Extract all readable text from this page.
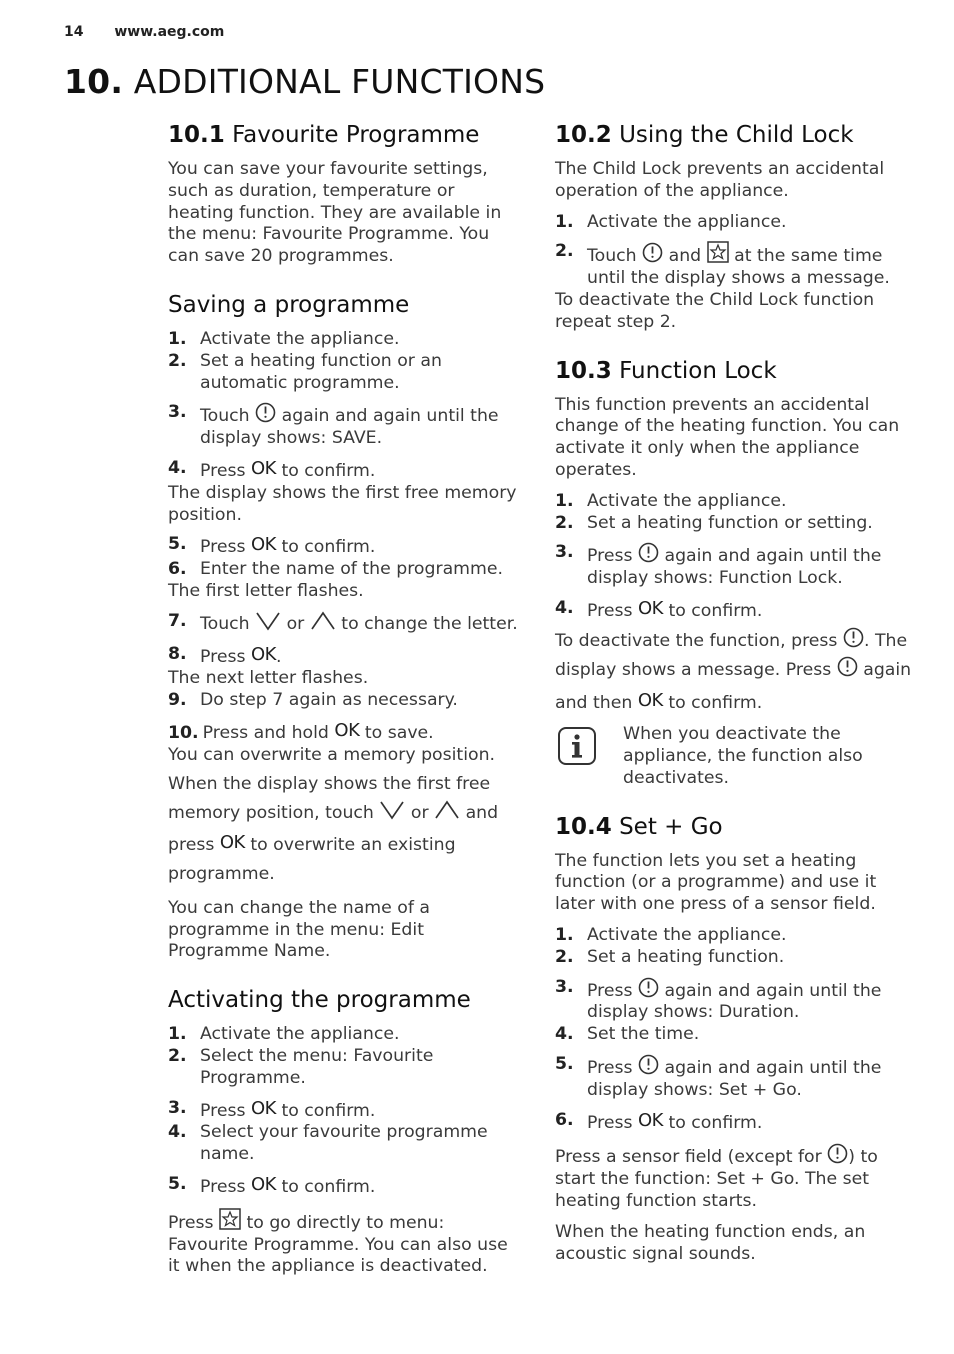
14 www.aeg.com
10. ADDITIONAL FUNCTIONS
10.1 Favourite Programme

You can save your favourite settings, such as duration, temperature or heating function. They are available in the menu: Favourite Programme. You can save 20 programmes.

Saving a programme
1. Activate the appliance.
2. Set a heating function or an automatic programme.
3. Touch again and again until the display shows: SAVE.
4. Press OK to confirm.

The display shows the first free memory position.

5. Press OK to confirm.
6. Enter the name of the programme.

The first letter flashes.

7. Touch or to change the letter.
8. Press OK.

The next letter flashes.

9. Do step 7 again as necessary.
10. Press and hold OK to save.

You can overwrite a memory position. When the display shows the first free memory position, touch or and press OK to overwrite an existing programme.

You can change the name of a programme in the menu: Edit Programme Name.

Activating the programme
1. Activate the appliance.
2. Select the menu: Favourite Programme.
3. Press OK to confirm.
4. Select your favourite programme name.
5. Press OK to confirm.

Press to go directly to menu: Favourite Programme. You can also use it when the appliance is deactivated.

10.2 Using the Child Lock

The Child Lock prevents an accidental operation of the appliance.

1. Activate the appliance.
2. Touch and at the same time until the display shows a message.

To deactivate the Child Lock function repeat step 2.

10.3 Function Lock

This function prevents an accidental change of the heating function. You can activate it only when the appliance operates.

1. Activate the appliance.
2. Set a heating function or setting.
3. Press again and again until the display shows: Function Lock.
4. Press OK to confirm.

To deactivate the function, press . The display shows a message. Press again and then OK to confirm.

When you deactivate the appliance, the function also deactivates.

10.4 Set + Go

The function lets you set a heating function (or a programme) and use it later with one press of a sensor field.

1. Activate the appliance.
2. Set a heating function.
3. Press again and again until the display shows: Duration.
4. Set the time.
5. Press again and again until the display shows: Set + Go.
6. Press OK to confirm.

Press a sensor field (except for ) to start the function: Set + Go. The set heating function starts.

When the heating function ends, an acoustic signal sounds.
